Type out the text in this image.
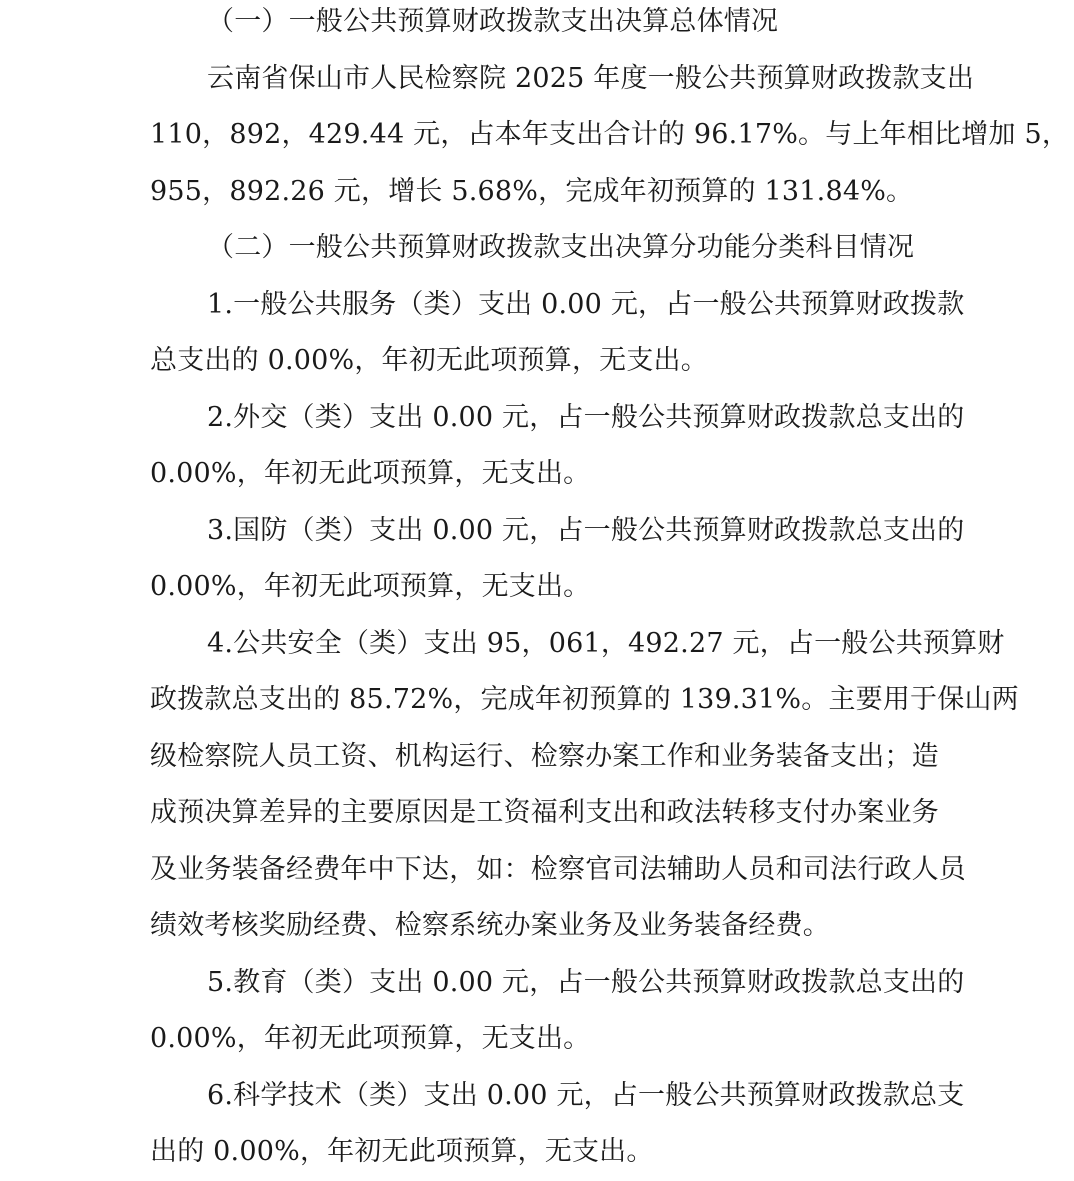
（一）一般公共预算财政拨款支出决算总体情况
云南省保山市人民检察院 2025 年度一般公共预算财政拨款支出
110，892，429.44 元，占本年支出合计的 96.17%。与上年相比增加 5，
955，892.26 元，增长 5.68%，完成年初预算的 131.84%。
（二）一般公共预算财政拨款支出决算分功能分类科目情况
1.一般公共服务（类）支出 0.00 元，占一般公共预算财政拨款
总支出的 0.00%，年初无此项预算，无支出。
2.外交（类）支出 0.00 元，占一般公共预算财政拨款总支出的
0.00%，年初无此项预算，无支出。
3.国防（类）支出 0.00 元，占一般公共预算财政拨款总支出的
0.00%，年初无此项预算，无支出。
4.公共安全（类）支出 95，061，492.27 元，占一般公共预算财
政拨款总支出的 85.72%，完成年初预算的 139.31%。主要用于保山两
级检察院人员工资、机构运行、检察办案工作和业务装备支出；造
成预决算差异的主要原因是工资福利支出和政法转移支付办案业务
及业务装备经费年中下达，如：检察官司法辅助人员和司法行政人员
绩效考核奖励经费、检察系统办案业务及业务装备经费。
5.教育（类）支出 0.00 元，占一般公共预算财政拨款总支出的
0.00%，年初无此项预算，无支出。
6.科学技术（类）支出 0.00 元，占一般公共预算财政拨款总支
出的 0.00%，年初无此项预算，无支出。
